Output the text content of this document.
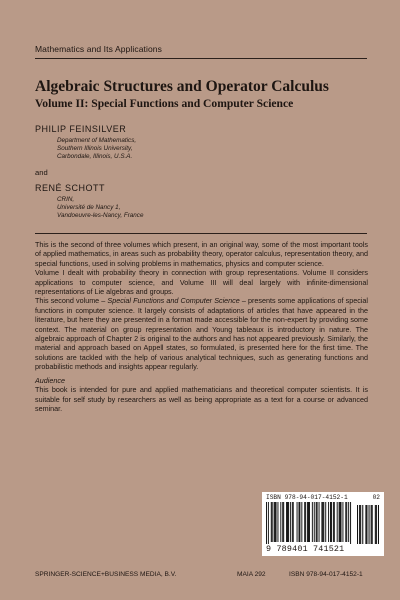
Mathematics and Its Applications
Algebraic Structures and Operator Calculus
Volume II: Special Functions and Computer Science
PHILIP FEINSILVER
Department of Mathematics,
Southern Illinois University,
Carbondale, Illinois, U.S.A.
and
RENÉ SCHOTT
CRIN,
Université de Nancy 1,
Vandoeuvre-les-Nancy, France

This is the second of three volumes which present, in an original way, some of the most important tools of applied mathematics, in areas such as probability theory, operator calculus, representation theory, and special functions, used in solving problems in mathematics, physics and computer science.

Volume I dealt with probability theory in connection with group representations. Volume II considers applications to computer science, and Volume III will deal largely with infinite-dimensional representations of Lie algebras and groups.

This second volume – Special Functions and Computer Science – presents some applications of special functions in computer science. It largely consists of adaptations of articles that have appeared in the literature, but here they are presented in a format made accessible for the non-expert by providing some context. The material on group representation and Young tableaux is introductory in nature. The algebraic approach of Chapter 2 is original to the authors and has not appeared previously. Similarly, the material and approach based on Appell states, so formulated, is presented here for the first time. The solutions are tackled with the help of various analytical techniques, such as generating functions and probabilistic methods and insights appear regularly.

Audience

This book is intended for pure and applied mathematicians and theoretical computer scientists. It is suitable for self study by researchers as well as being appropriate as a text for a course or advanced seminar.

ISBN 978-94-017-4152-1	02
9 789401 741521
SPRINGER-SCIENCE+BUSINESS MEDIA, B.V.	MAIA 292	ISBN 978-94-017-4152-1
